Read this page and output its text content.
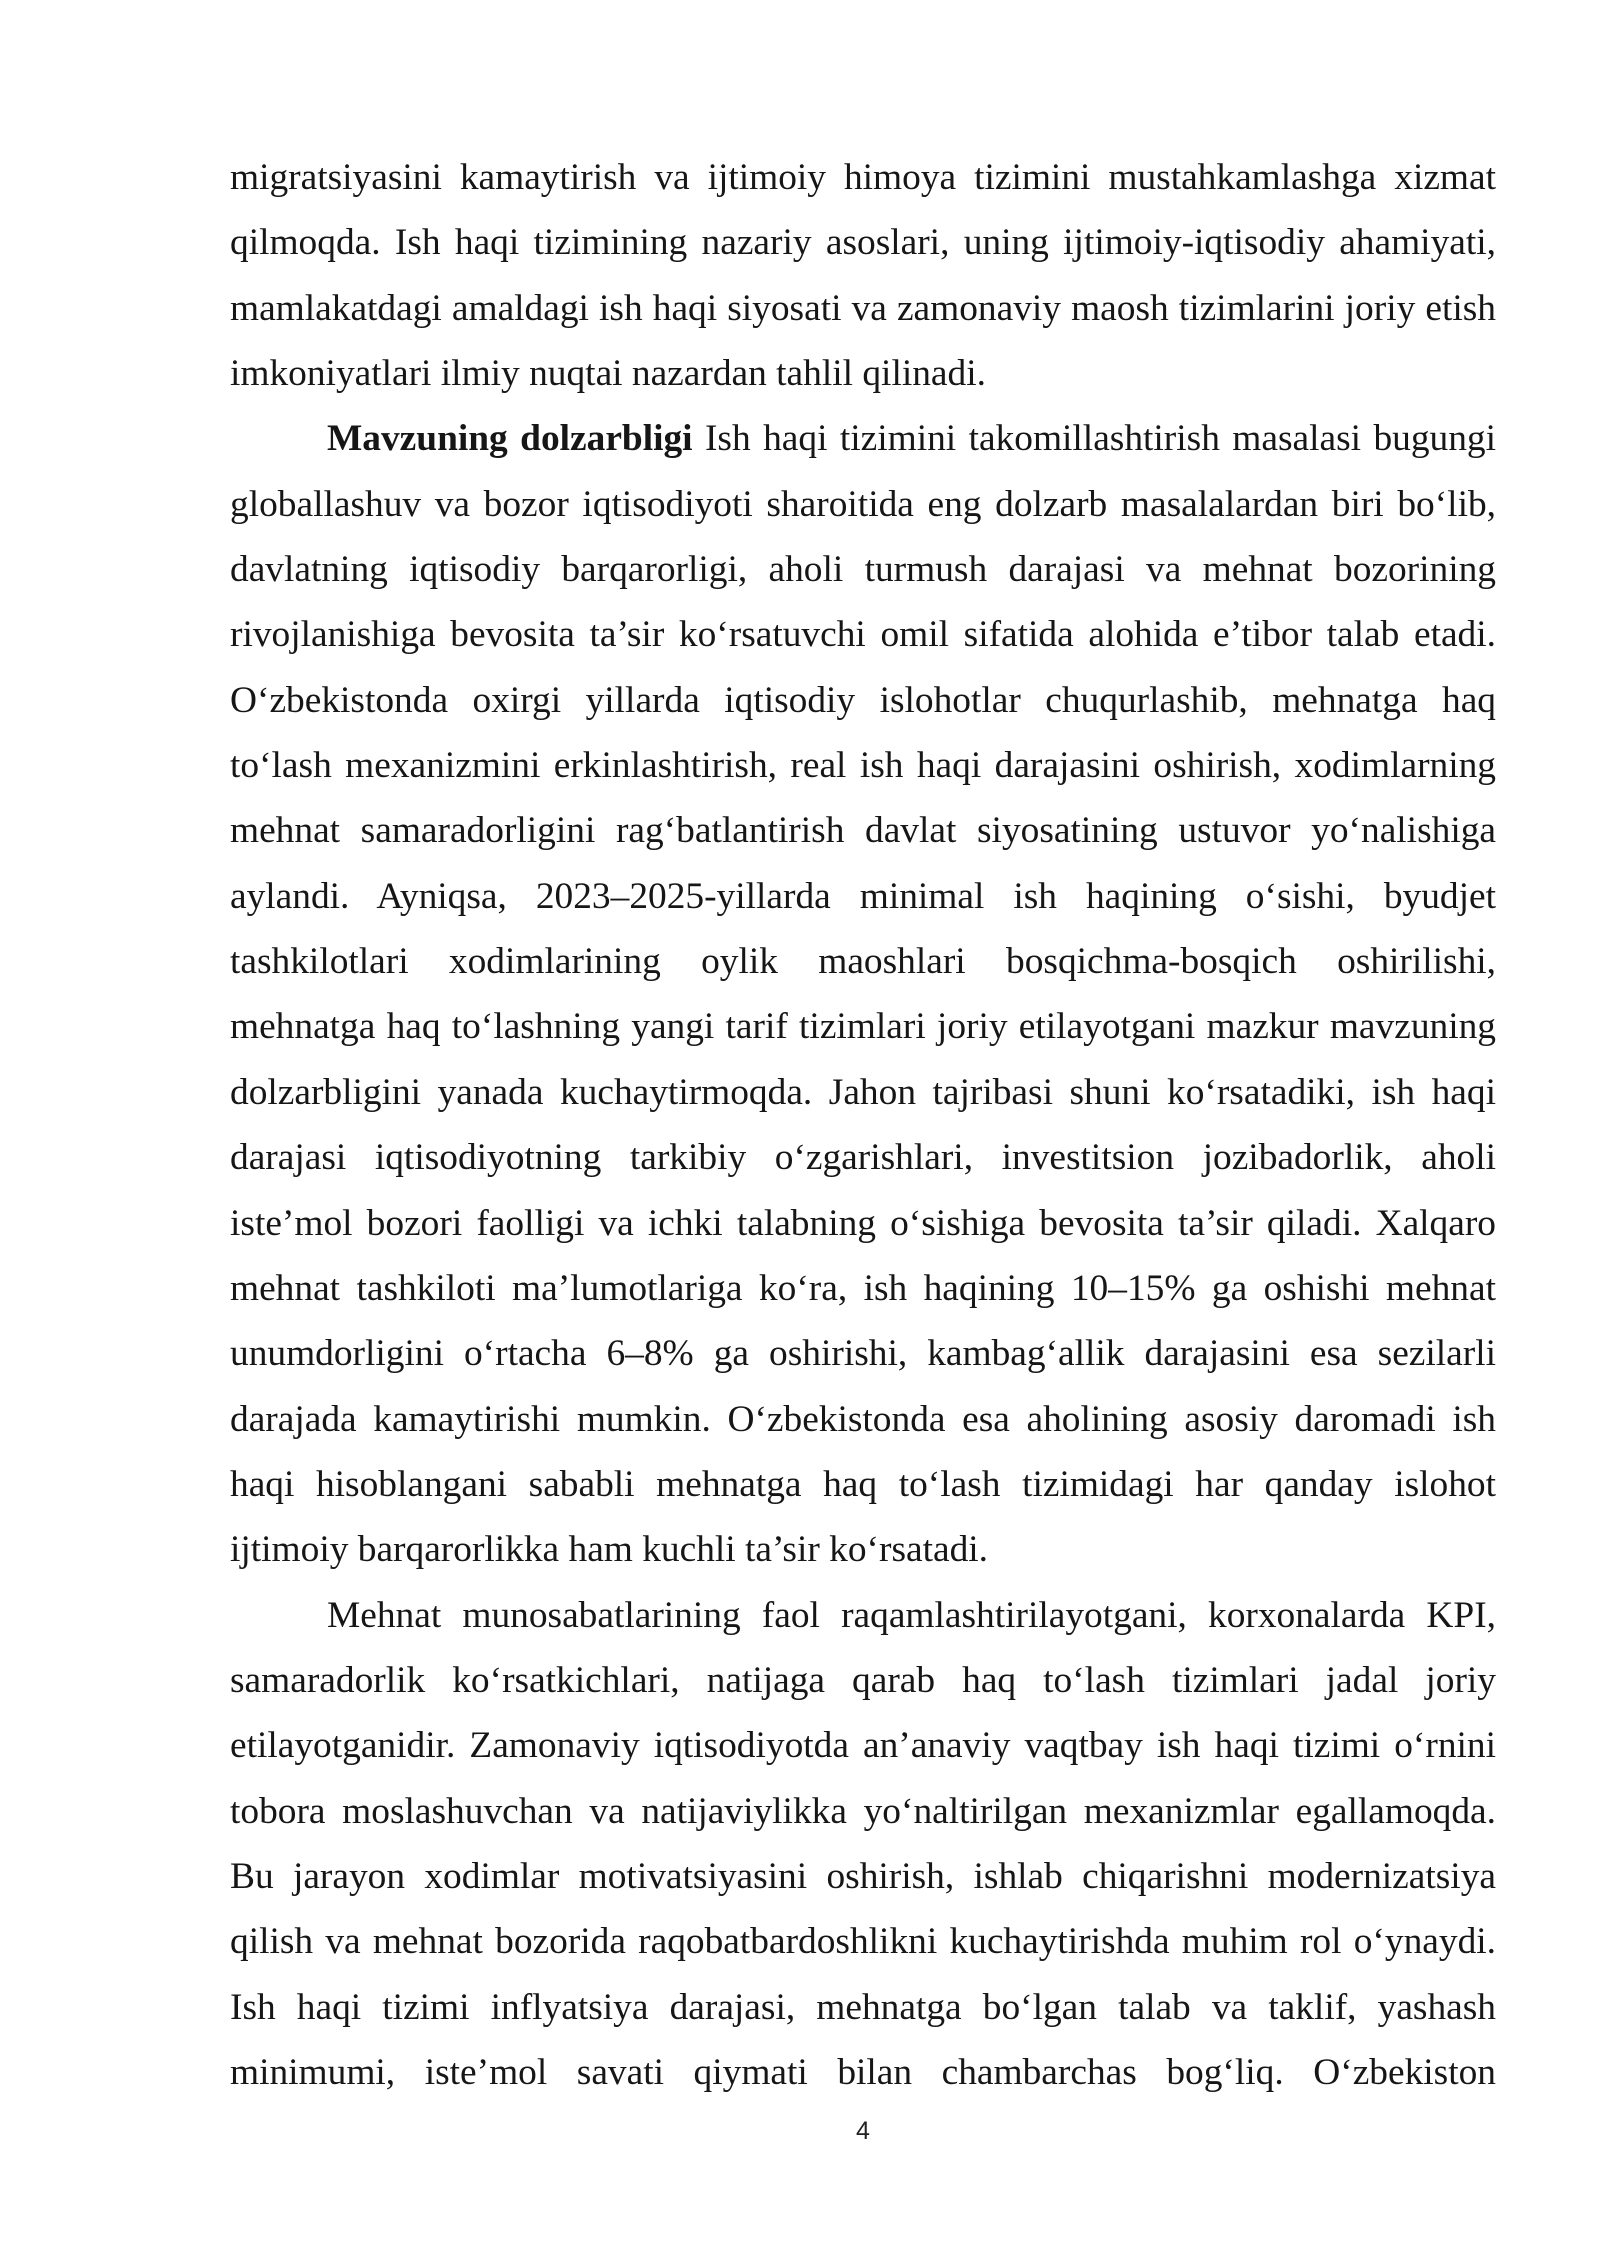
migratsiyasini kamaytirish va ijtimoiy himoya tizimini mustahkamlashga xizmat
qilmoqda. Ish haqi tizimining nazariy asoslari, uning ijtimoiy-iqtisodiy ahamiyati,
mamlakatdagi amaldagi ish haqi siyosati va zamonaviy maosh tizimlarini joriy etish
imkoniyatlari ilmiy nuqtai nazardan tahlil qilinadi.
Mavzuning dolzarbligi Ish haqi tizimini takomillashtirish masalasi bugungi
globallashuv va bozor iqtisodiyoti sharoitida eng dolzarb masalalardan biri bo‘lib,
davlatning iqtisodiy barqarorligi, aholi turmush darajasi va mehnat bozorining
rivojlanishiga bevosita ta’sir ko‘rsatuvchi omil sifatida alohida e’tibor talab etadi.
O‘zbekistonda oxirgi yillarda iqtisodiy islohotlar chuqurlashib, mehnatga haq
to‘lash mexanizmini erkinlashtirish, real ish haqi darajasini oshirish, xodimlarning
mehnat samaradorligini rag‘batlantirish davlat siyosatining ustuvor yo‘nalishiga
aylandi. Ayniqsa, 2023–2025-yillarda minimal ish haqining o‘sishi, byudjet
tashkilotlari xodimlarining oylik maoshlari bosqichma-bosqich oshirilishi,
mehnatga haq to‘lashning yangi tarif tizimlari joriy etilayotgani mazkur mavzuning
dolzarbligini yanada kuchaytirmoqda. Jahon tajribasi shuni ko‘rsatadiki, ish haqi
darajasi iqtisodiyotning tarkibiy o‘zgarishlari, investitsion jozibadorlik, aholi
iste’mol bozori faolligi va ichki talabning o‘sishiga bevosita ta’sir qiladi. Xalqaro
mehnat tashkiloti ma’lumotlariga ko‘ra, ish haqining 10–15% ga oshishi mehnat
unumdorligini o‘rtacha 6–8% ga oshirishi, kambag‘allik darajasini esa sezilarli
darajada kamaytirishi mumkin. O‘zbekistonda esa aholining asosiy daromadi ish
haqi hisoblangani sababli mehnatga haq to‘lash tizimidagi har qanday islohot
ijtimoiy barqarorlikka ham kuchli ta’sir ko‘rsatadi.
Mehnat munosabatlarining faol raqamlashtirilayotgani, korxonalarda KPI,
samaradorlik ko‘rsatkichlari, natijaga qarab haq to‘lash tizimlari jadal joriy
etilayotganidir. Zamonaviy iqtisodiyotda an’anaviy vaqtbay ish haqi tizimi o‘rnini
tobora moslashuvchan va natijaviylikka yo‘naltirilgan mexanizmlar egallamoqda.
Bu jarayon xodimlar motivatsiyasini oshirish, ishlab chiqarishni modernizatsiya
qilish va mehnat bozorida raqobatbardoshlikni kuchaytirishda muhim rol o‘ynaydi.
Ish haqi tizimi inflyatsiya darajasi, mehnatga bo‘lgan talab va taklif, yashash
minimumi, iste’mol savati qiymati bilan chambarchas bog‘liq. O‘zbekiston
4
